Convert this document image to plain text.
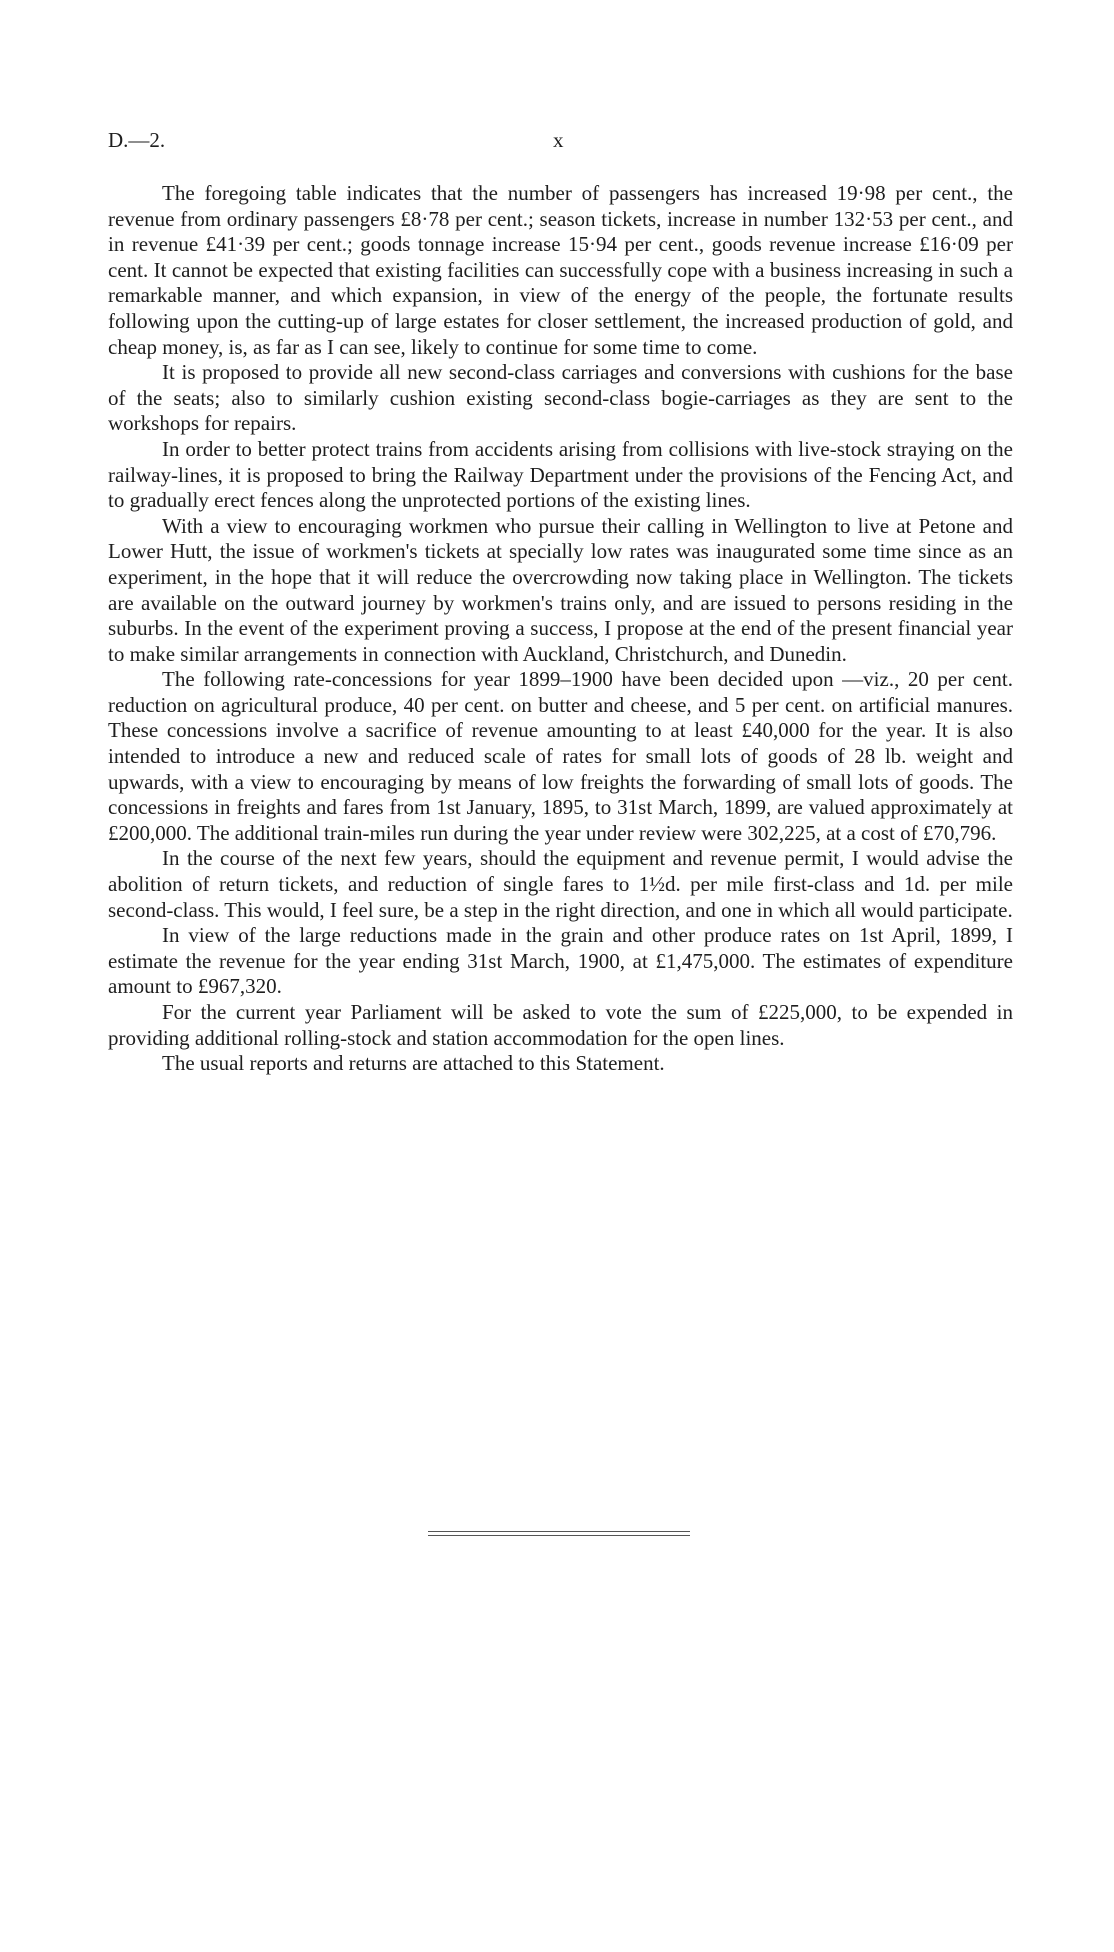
D.—2.	x

The foregoing table indicates that the number of passengers has increased 19·98 per cent., the revenue from ordinary passengers £8·78 per cent.; season tickets, increase in number 132·53 per cent., and in revenue £41·39 per cent.; goods tonnage increase 15·94 per cent., goods revenue increase £16·09 per cent. It cannot be expected that existing facilities can successfully cope with a business increasing in such a remarkable manner, and which expansion, in view of the energy of the people, the fortunate results following upon the cutting-up of large estates for closer settlement, the increased production of gold, and cheap money, is, as far as I can see, likely to continue for some time to come.

It is proposed to provide all new second-class carriages and conversions with cushions for the base of the seats; also to similarly cushion existing second-class bogie-carriages as they are sent to the workshops for repairs.

In order to better protect trains from accidents arising from collisions with live-stock straying on the railway-lines, it is proposed to bring the Railway Department under the provisions of the Fencing Act, and to gradually erect fences along the unprotected portions of the existing lines.

With a view to encouraging workmen who pursue their calling in Wellington to live at Petone and Lower Hutt, the issue of workmen's tickets at specially low rates was inaugurated some time since as an experiment, in the hope that it will reduce the overcrowding now taking place in Wellington. The tickets are available on the outward journey by workmen's trains only, and are issued to persons residing in the suburbs. In the event of the experiment proving a success, I propose at the end of the present financial year to make similar arrangements in connection with Auckland, Christchurch, and Dunedin.

The following rate-concessions for year 1899–1900 have been decided upon —viz., 20 per cent. reduction on agricultural produce, 40 per cent. on butter and cheese, and 5 per cent. on artificial manures. These concessions involve a sacrifice of revenue amounting to at least £40,000 for the year. It is also intended to introduce a new and reduced scale of rates for small lots of goods of 28 lb. weight and upwards, with a view to encouraging by means of low freights the forwarding of small lots of goods. The concessions in freights and fares from 1st January, 1895, to 31st March, 1899, are valued approximately at £200,000. The additional train-miles run during the year under review were 302,225, at a cost of £70,796.

In the course of the next few years, should the equipment and revenue permit, I would advise the abolition of return tickets, and reduction of single fares to 1½d. per mile first-class and 1d. per mile second-class. This would, I feel sure, be a step in the right direction, and one in which all would participate.

In view of the large reductions made in the grain and other produce rates on 1st April, 1899, I estimate the revenue for the year ending 31st March, 1900, at £1,475,000. The estimates of expenditure amount to £967,320.

For the current year Parliament will be asked to vote the sum of £225,000, to be expended in providing additional rolling-stock and station accommodation for the open lines.

The usual reports and returns are attached to this Statement.
